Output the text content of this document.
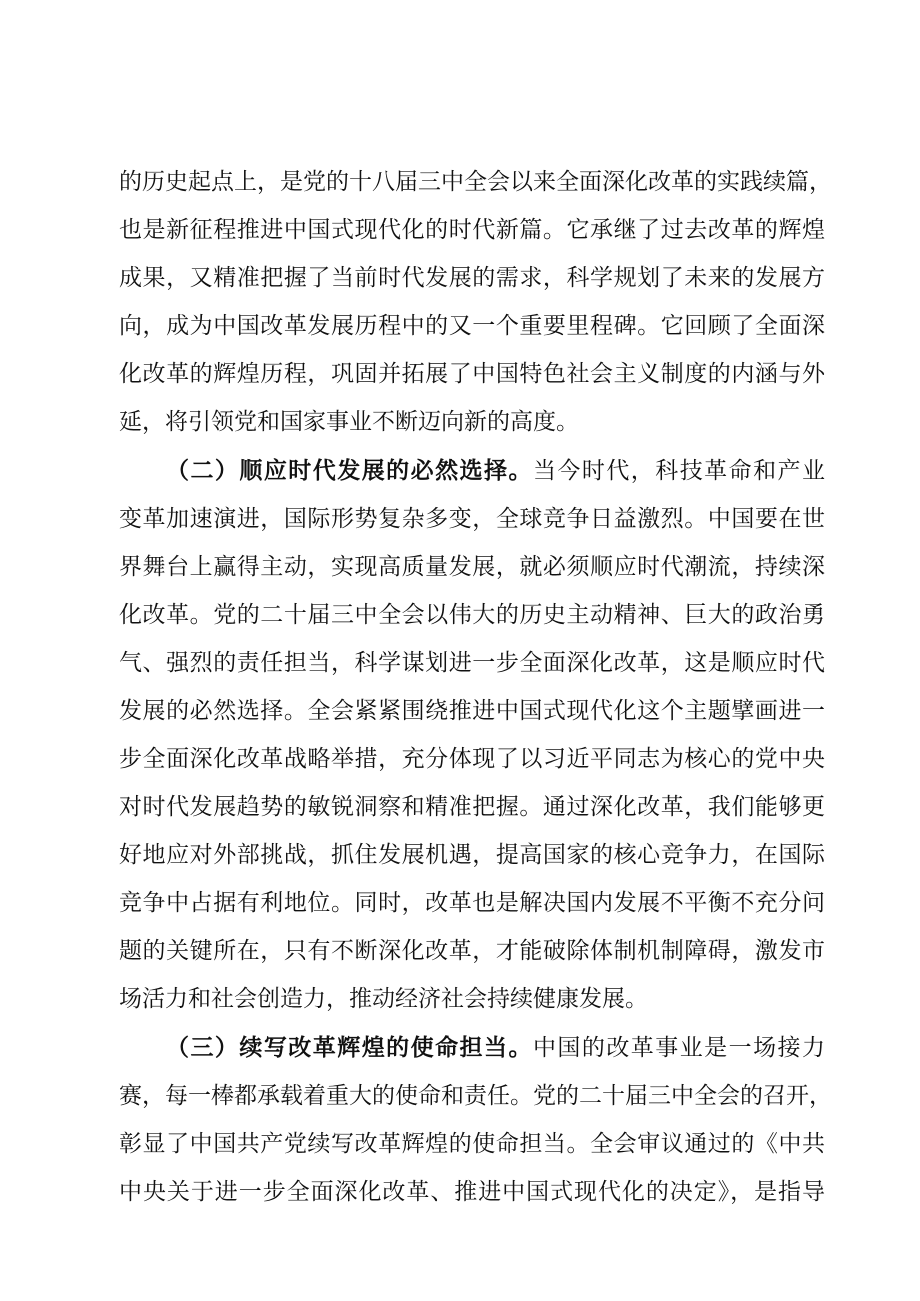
的历史起点上，是党的十八届三中全会以来全面深化改革的实践续篇，
也是新征程推进中国式现代化的时代新篇。它承继了过去改革的辉煌
成果，又精准把握了当前时代发展的需求，科学规划了未来的发展方
向，成为中国改革发展历程中的又一个重要里程碑。它回顾了全面深
化改革的辉煌历程，巩固并拓展了中国特色社会主义制度的内涵与外
延，将引领党和国家事业不断迈向新的高度。
（二）顺应时代发展的必然选择。当今时代，科技革命和产业
变革加速演进，国际形势复杂多变，全球竞争日益激烈。中国要在世
界舞台上赢得主动，实现高质量发展，就必须顺应时代潮流，持续深
化改革。党的二十届三中全会以伟大的历史主动精神、巨大的政治勇
气、强烈的责任担当，科学谋划进一步全面深化改革，这是顺应时代
发展的必然选择。全会紧紧围绕推进中国式现代化这个主题擘画进一
步全面深化改革战略举措，充分体现了以习近平同志为核心的党中央
对时代发展趋势的敏锐洞察和精准把握。通过深化改革，我们能够更
好地应对外部挑战，抓住发展机遇，提高国家的核心竞争力，在国际
竞争中占据有利地位。同时，改革也是解决国内发展不平衡不充分问
题的关键所在，只有不断深化改革，才能破除体制机制障碍，激发市
场活力和社会创造力，推动经济社会持续健康发展。
（三）续写改革辉煌的使命担当。中国的改革事业是一场接力
赛，每一棒都承载着重大的使命和责任。党的二十届三中全会的召开，
彰显了中国共产党续写改革辉煌的使命担当。全会审议通过的《中共
中央关于进一步全面深化改革、推进中国式现代化的决定》，是指导
